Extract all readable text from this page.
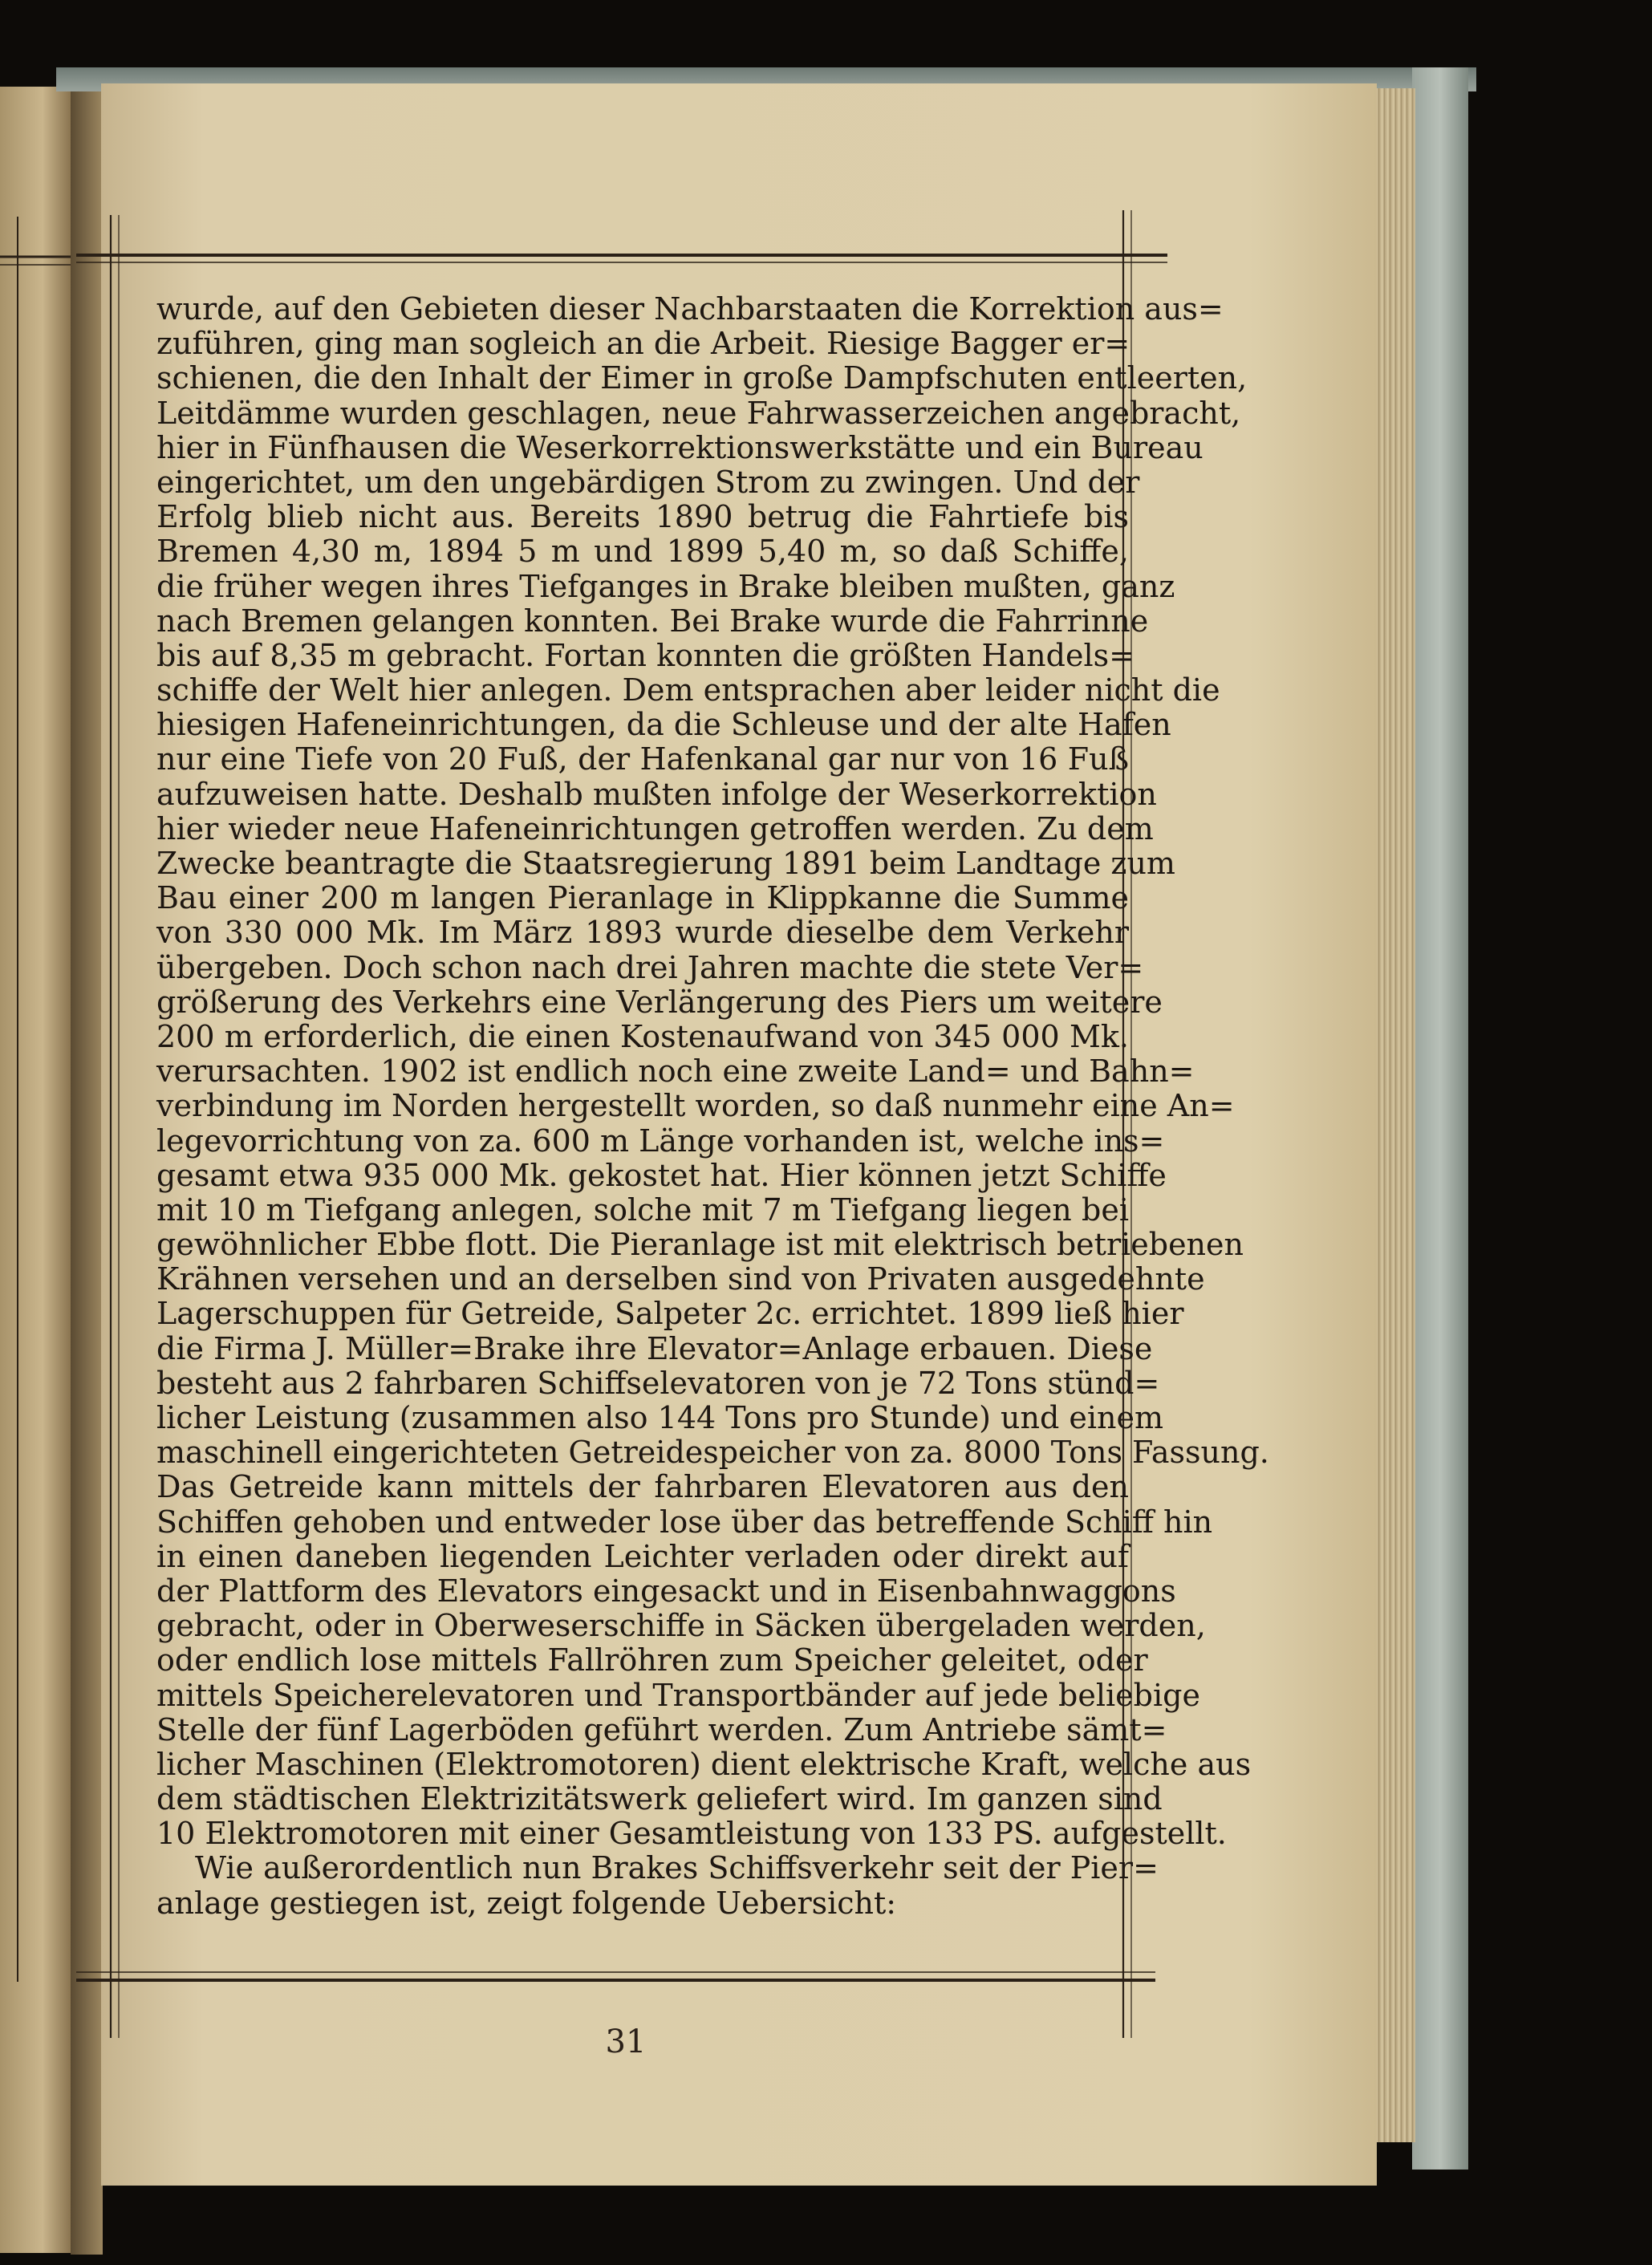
wurde, auf den Gebieten dieser Nachbarstaaten die Korrektion aus=
zuführen, ging man sogleich an die Arbeit. Riesige Bagger er=
schienen, die den Inhalt der Eimer in große Dampfschuten entleerten,
Leitdämme wurden geschlagen, neue Fahrwasserzeichen angebracht,
hier in Fünfhausen die Weserkorrektionswerkstätte und ein Bureau
eingerichtet, um den ungebärdigen Strom zu zwingen. Und der
Erfolg blieb nicht aus. Bereits 1890 betrug die Fahrtiefe bis
Bremen 4,30 m, 1894 5 m und 1899 5,40 m, so daß Schiffe,
die früher wegen ihres Tiefganges in Brake bleiben mußten, ganz
nach Bremen gelangen konnten. Bei Brake wurde die Fahrrinne
bis auf 8,35 m gebracht. Fortan konnten die größten Handels=
schiffe der Welt hier anlegen. Dem entsprachen aber leider nicht die
hiesigen Hafeneinrichtungen, da die Schleuse und der alte Hafen
nur eine Tiefe von 20 Fuß, der Hafenkanal gar nur von 16 Fuß
aufzuweisen hatte. Deshalb mußten infolge der Weserkorrektion
hier wieder neue Hafeneinrichtungen getroffen werden. Zu dem
Zwecke beantragte die Staatsregierung 1891 beim Landtage zum
Bau einer 200 m langen Pieranlage in Klippkanne die Summe
von 330 000 Mk. Im März 1893 wurde dieselbe dem Verkehr
übergeben. Doch schon nach drei Jahren machte die stete Ver=
größerung des Verkehrs eine Verlängerung des Piers um weitere
200 m erforderlich, die einen Kostenaufwand von 345 000 Mk.
verursachten. 1902 ist endlich noch eine zweite Land= und Bahn=
verbindung im Norden hergestellt worden, so daß nunmehr eine An=
legevorrichtung von za. 600 m Länge vorhanden ist, welche ins=
gesamt etwa 935 000 Mk. gekostet hat. Hier können jetzt Schiffe
mit 10 m Tiefgang anlegen, solche mit 7 m Tiefgang liegen bei
gewöhnlicher Ebbe flott. Die Pieranlage ist mit elektrisch betriebenen
Krähnen versehen und an derselben sind von Privaten ausgedehnte
Lagerschuppen für Getreide, Salpeter 2c. errichtet. 1899 ließ hier
die Firma J. Müller=Brake ihre Elevator=Anlage erbauen. Diese
besteht aus 2 fahrbaren Schiffselevatoren von je 72 Tons stünd=
licher Leistung (zusammen also 144 Tons pro Stunde) und einem
maschinell eingerichteten Getreidespeicher von za. 8000 Tons Fassung.
Das Getreide kann mittels der fahrbaren Elevatoren aus den
Schiffen gehoben und entweder lose über das betreffende Schiff hin
in einen daneben liegenden Leichter verladen oder direkt auf
der Plattform des Elevators eingesackt und in Eisenbahnwaggons
gebracht, oder in Oberweserschiffe in Säcken übergeladen werden,
oder endlich lose mittels Fallröhren zum Speicher geleitet, oder
mittels Speicherelevatoren und Transportbänder auf jede beliebige
Stelle der fünf Lagerböden geführt werden. Zum Antriebe sämt=
licher Maschinen (Elektromotoren) dient elektrische Kraft, welche aus
dem städtischen Elektrizitätswerk geliefert wird. Im ganzen sind
10 Elektromotoren mit einer Gesamtleistung von 133 PS. aufgestellt.
Wie außerordentlich nun Brakes Schiffsverkehr seit der Pier=
anlage gestiegen ist, zeigt folgende Uebersicht:
31
